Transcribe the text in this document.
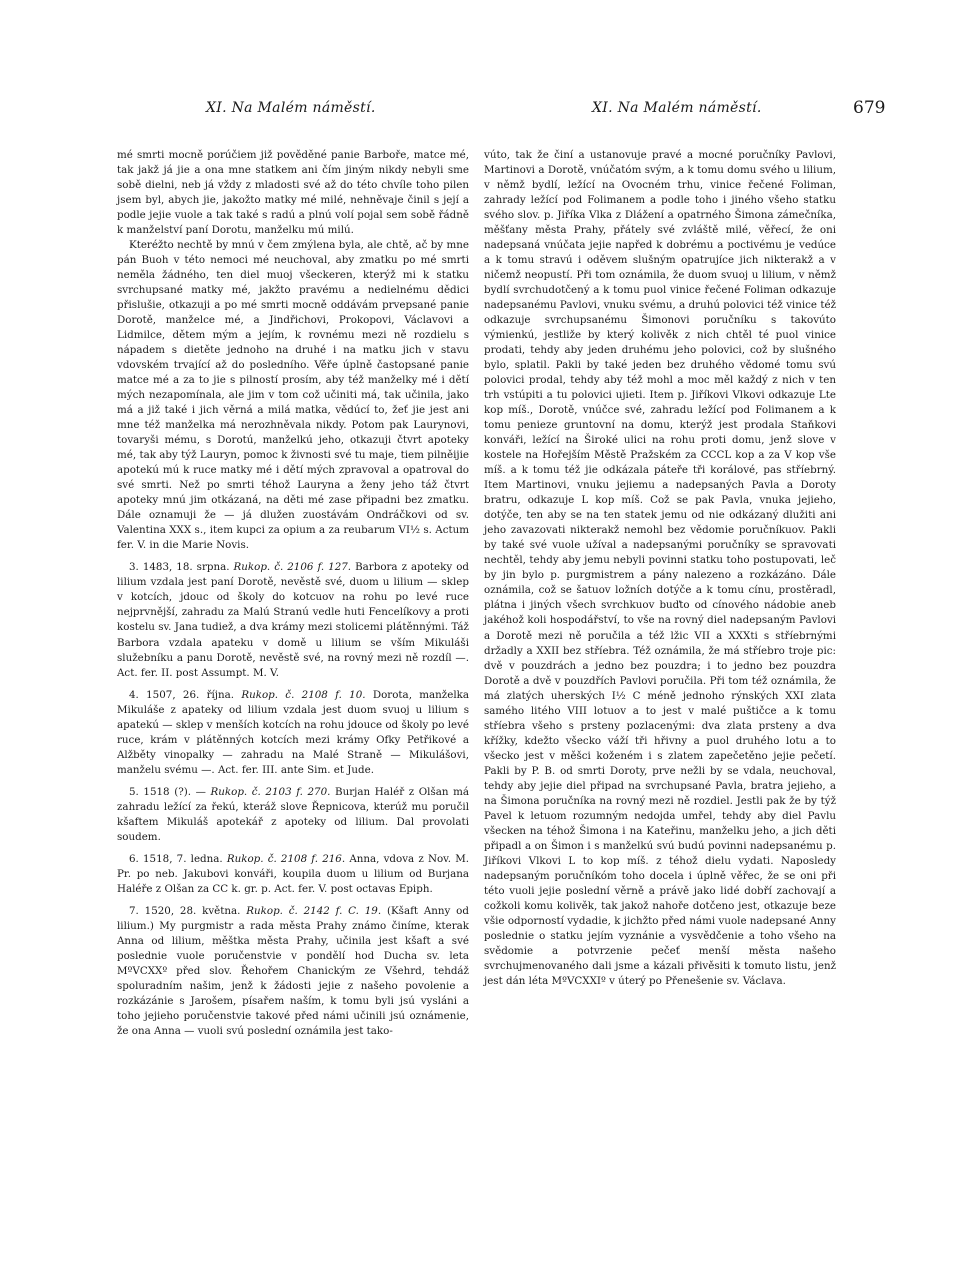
XI. Na Malém náměstí.	XI. Na Malém náměstí.	679

mé smrti mocně porúčiem již pověděné panie Barboře, matce mé, tak jakž já jie a ona mne statkem ani čím jiným nikdy nebyli sme sobě dielni, neb já vždy z mladosti své až do této chvíle toho pilen jsem byl, abych jie, jakožto matky mé milé, nehněvaje činil s její a podle jejie vuole a tak také s radú a plnú volí pojal sem sobě řádně k manželství paní Dorotu, manželku mú milú.

Kteréžto nechtě by mnú v čem zmýlena byla, ale chtě, ač by mne pán Buoh v této nemoci mé neuchoval, aby zmatku po mé smrti neměla žádného, ten diel muoj všeckeren, kterýž mi k statku svrchupsané matky mé, jakžto pravému a nedielnému dědici přislušie, otkazuji a po mé smrti mocně oddávám prvepsané panie Dorotě, manželce mé, a Jindřichovi, Prokopovi, Václavovi a Lidmilce, dětem mým a jejím, k rovnému mezi ně rozdielu s nápadem s dietěte jednoho na druhé i na matku jich v stavu vdovském trvající až do posledního. Věře úplně častopsané panie matce mé a za to jie s pilností prosím, aby též manželky mé i dětí mých nezapomínala, ale jim v tom což učiniti má, tak učinila, jako má a již také i jich věrná a milá matka, vědúcí to, žeť jie jest ani mne též manželka má nerozhněvala nikdy. Potom pak Laurynovi, tovaryši mému, s Dorotú, manželkú jeho, otkazuji čtvrt apoteky mé, tak aby týž Lauryn, pomoc k živnosti své tu maje, tiem pilněijie apotekú mú k ruce matky mé i dětí mých zpravoval a opatroval do své smrti. Než po smrti téhož Lauryna a ženy jeho táž čtvrt apoteky mnú jim otkázaná, na děti mé zase připadni bez zmatku. Dále oznamuji že — já dlužen zuostávám Ondráčkovi od sv. Valentina XXX s., item kupci za opium a za reubarum VI½ s. Actum fer. V. in die Marie Novis.

3. 1483, 18. srpna. Rukop. č. 2106 f. 127. Barbora z apoteky od lilium vzdala jest paní Dorotě, nevěstě své, duom u lilium — sklep v kotcích, jdouc od školy do kotcuov na rohu po levé ruce nejprvnější, zahradu za Malú Stranú vedle huti Fencelíkovy a proti kostelu sv. Jana tudiež, a dva krámy mezi stolicemi plátěnnými. Táž Barbora vzdala apateku v domě u lilium se vším Mikuláši služebníku a panu Dorotě, nevěstě své, na rovný mezi ně rozdíl —. Act. fer. II. post Assumpt. M. V.

4. 1507, 26. října. Rukop. č. 2108 f. 10. Dorota, manželka Mikuláše z apateky od lilium vzdala jest duom svuoj u lilium s apatekú — sklep v menších kotcích na rohu jdouce od školy po levé ruce, krám v plátěnných kotcích mezi krámy Ofky Petřikové a Alžběty vinopalky — zahradu na Malé Straně — Mikulášovi, manželu svému —. Act. fer. III. ante Sim. et Jude.

5. 1518 (?). — Rukop. č. 2103 f. 270. Burjan Haléř z Olšan má zahradu ležící za řekú, kteráž slove Řepnicova, kterúž mu poručil kšaftem Mikuláš apotekář z apoteky od lilium. Dal provolati soudem.

6. 1518, 7. ledna. Rukop. č. 2108 f. 216. Anna, vdova z Nov. M. Pr. po neb. Jakubovi konváři, koupila duom u lilium od Burjana Haléře z Olšan za CC k. gr. p. Act. fer. V. post octavas Epiph.

7. 1520, 28. května. Rukop. č. 2142 f. C. 19. (Kšaft Anny od lilium.) My purgmistr a rada města Prahy známo činíme, kterak Anna od lilium, měštka města Prahy, učinila jest kšaft a své poslednie vuole poručenstvie v pondělí hod Ducha sv. leta MºVCXXº před slov. Řehořem Chanickým ze Všehrd, tehdáž spoluradním našim, jenž k žádosti jejie z našeho povolenie a rozkázánie s Jarošem, písařem naším, k tomu byli jsú vysláni a toho jejieho poručenstvie takové před námi učinili jsú oznámenie, že ona Anna — vuoli svú poslední oznámila jest tako-

vúto, tak že činí a ustanovuje pravé a mocné poručníky Pavlovi, Martinovi a Dorotě, vnúčatóm svým, a k tomu domu svého u lilium, v němž bydlí, ležící na Ovocném trhu, vinice řečené Foliman, zahrady ležící pod Folimanem a podle toho i jiného všeho statku svého slov. p. Jiříka Vlka z Dlážení a opatrného Šimona zámečníka, měšťany města Prahy, přátely své zvláště milé, věřecí, že oni nadepsaná vnúčata jejie napřed k dobrému a poctivému je vedúce a k tomu stravú i oděvem slušným opatrujíce jich nikterakž a v ničemž neopustí. Při tom oznámila, že duom svuoj u lilium, v němž bydlí svrchudotčený a k tomu puol vinice řečené Foliman odkazuje nadepsanému Pavlovi, vnuku svému, a druhú polovici též vinice též odkazuje svrchupsanému Šimonovi poručníku s takovúto výmienkú, jestliže by který kolivěk z nich chtěl té puol vinice prodati, tehdy aby jeden druhému jeho polovici, což by slušného bylo, splatil. Pakli by také jeden bez druhého vědomé tomu svú polovici prodal, tehdy aby též mohl a moc měl každý z nich v ten trh vstúpiti a tu polovici ujieti. Item p. Jiříkovi Vlkovi odkazuje Lte kop míš., Dorotě, vnúčce své, zahradu ležící pod Folimanem a k tomu penieze gruntovní na domu, kterýž jest prodala Staňkovi konváři, ležící na Široké ulici na rohu proti domu, jenž slove v kostele na Hořejším Městě Pražském za CCCL kop a za V kop vše míš. a k tomu též jie odkázala páteře tři korálové, pas stříebrný. Item Martinovi, vnuku jejiemu a nadepsaných Pavla a Doroty bratru, odkazuje L kop míš. Což se pak Pavla, vnuka jejieho, dotýče, ten aby se na ten statek jemu od nie odkázaný dlužiti ani jeho zavazovati nikterakž nemohl bez vědomie poručníkuov. Pakli by také své vuole užíval a nadepsanými poručníky se spravovati nechtěl, tehdy aby jemu nebyli povinni statku toho postupovati, leč by jin bylo p. purgmistrem a pány nalezeno a rozkázáno. Dále oznámila, což se šatuov ložních dotýče a k tomu cínu, prostěradl, plátna i jiných všech svrchkuov buďto od cínového nádobie aneb jakéhož koli hospodářství, to vše na rovný diel nadepsaným Pavlovi a Dorotě mezi ně poručila a též lžic VII a XXXti s stříebrnými držadly a XXII bez stříebra. Též oznámila, že má stříebro troje pic: dvě v pouzdrách a jedno bez pouzdra; i to jedno bez pouzdra Dorotě a dvě v pouzdřích Pavlovi poručila. Při tom též oznámila, že má zlatých uherských I½ C méně jednoho rýnských XXI zlata samého litého VIII lotuov a to jest v malé puštičce a k tomu stříebra všeho s prsteny pozlacenými: dva zlata prsteny a dva křížky, kdežto všecko váží tři hřivny a puol druhého lotu a to všecko jest v měšci koženém i s zlatem zapečetěno jejie pečetí. Pakli by P. B. od smrti Doroty, prve nežli by se vdala, neuchoval, tehdy aby jejie diel připad na svrchupsané Pavla, bratra jejieho, a na Šimona poručníka na rovný mezi ně rozdiel. Jestli pak že by týž Pavel k letuom rozumným nedojda umřel, tehdy aby diel Pavlu všecken na téhož Šimona i na Kateřinu, manželku jeho, a jich děti připadl a on Šimon i s manželkú svú budú povinni nadepsanému p. Jiříkovi Vlkovi L to kop míš. z téhož dielu vydati. Naposledy nadepsaným poručníkóm toho docela i úplně věřec, že se oni při této vuoli jejie poslední věrně a právě jako lidé dobří zachovají a cožkoli komu kolivěk, tak jakož nahoře dotčeno jest, otkazuje beze všie odporností vydadie, k jichžto před námi vuole nadepsané Anny poslednie o statku jejím vyznánie a vysvědčenie a toho všeho na svědomie a potvrzenie pečeť menší města našeho svrchujmenovaného dali jsme a kázali přivěsiti k tomuto listu, jenž jest dán léta MºVCXXIº v úterý po Přenešenie sv. Václava.
